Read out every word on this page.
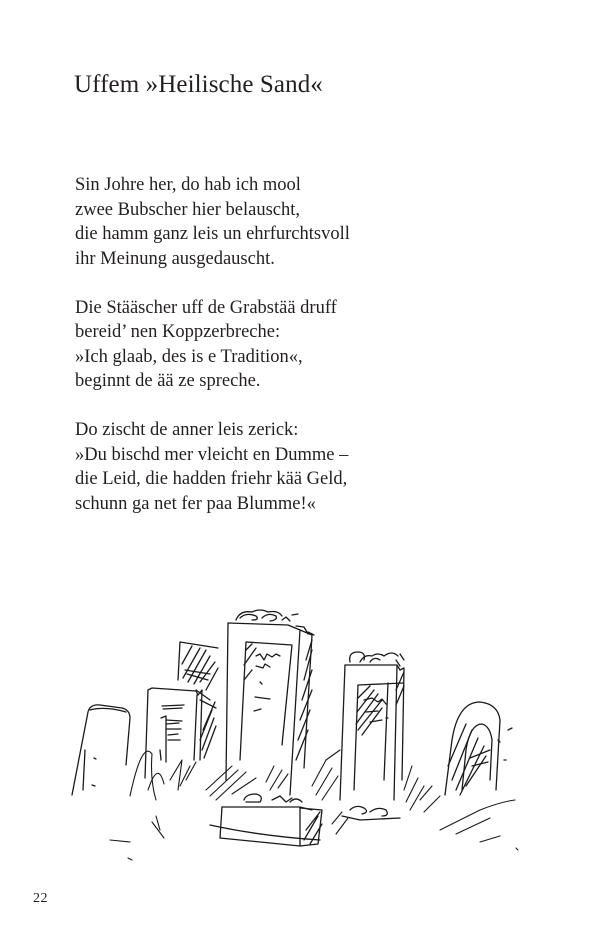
Uffem »Heilische Sand«
Sin Johre her, do hab ich mool
zwee Bubscher hier belauscht,
die hamm ganz leis un ehrfurchtsvoll
ihr Meinung ausgedauscht.
Die Stääscher uff de Grabstää druff
bereid’ nen Koppzerbreche:
»Ich glaab, des is e Tradition«,
beginnt de ää ze spreche.
Do zischt de anner leis zerick:
»Du bischd mer vleicht en Dumme –
die Leid, die hadden friehr kää Geld,
schunn ga net fer paa Blumme!«
22
